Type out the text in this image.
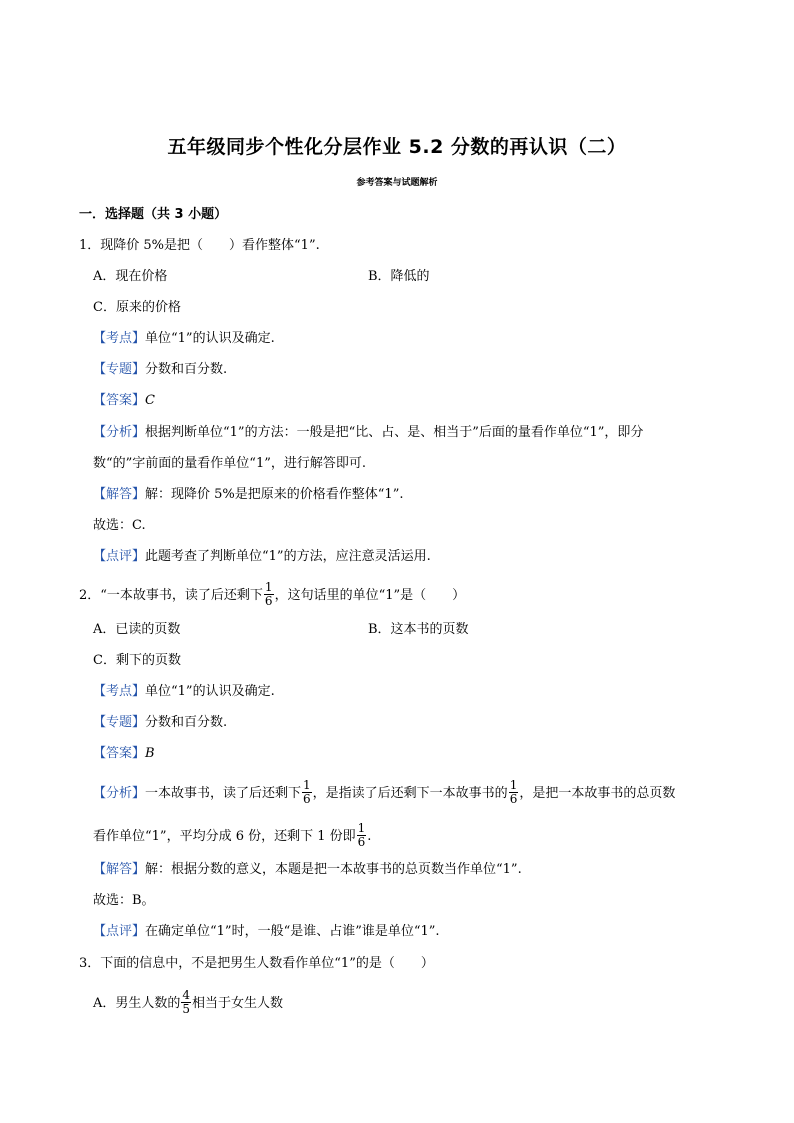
五年级同步个性化分层作业 5.2 分数的再认识（二）
参考答案与试题解析
一．选择题（共 3 小题）
1．现降价 5%是把（　　）看作整体“1”.
A．现在价格	B．降低的
C．原来的价格
【考点】单位“1”的认识及确定.
【专题】分数和百分数.
【答案】C
【分析】根据判断单位“1”的方法：一般是把“比、占、是、相当于”后面的量看作单位“1”，即分
数“的”字前面的量看作单位“1”，进行解答即可.
【解答】解：现降价 5%是把原来的价格看作整体“1”.
故选：C.
【点评】此题考查了判断单位“1”的方法，应注意灵活运用.
2．“一本故事书，读了后还剩下 $\frac{1}{6}$ ，这句话里的单位“1”是（　　）
A．已读的页数	B．这本书的页数
C．剩下的页数
【考点】单位“1”的认识及确定.
【专题】分数和百分数.
【答案】B
【分析】一本故事书，读了后还剩下 $\frac{1}{6}$ ，是指读了后还剩下一本故事书的 $\frac{1}{6}$ ，是把一本故事书的总页数
看作单位“1”，平均分成 6 份，还剩下 1 份即 $\frac{1}{6}$ .
【解答】解：根据分数的意义，本题是把一本故事书的总页数当作单位“1”.
故选：B。
【点评】在确定单位“1”时，一般“是谁、占谁”谁是单位“1”.
3．下面的信息中，不是把男生人数看作单位“1”的是（　　）
A．男生人数的 $\frac{4}{5}$ 相当于女生人数
